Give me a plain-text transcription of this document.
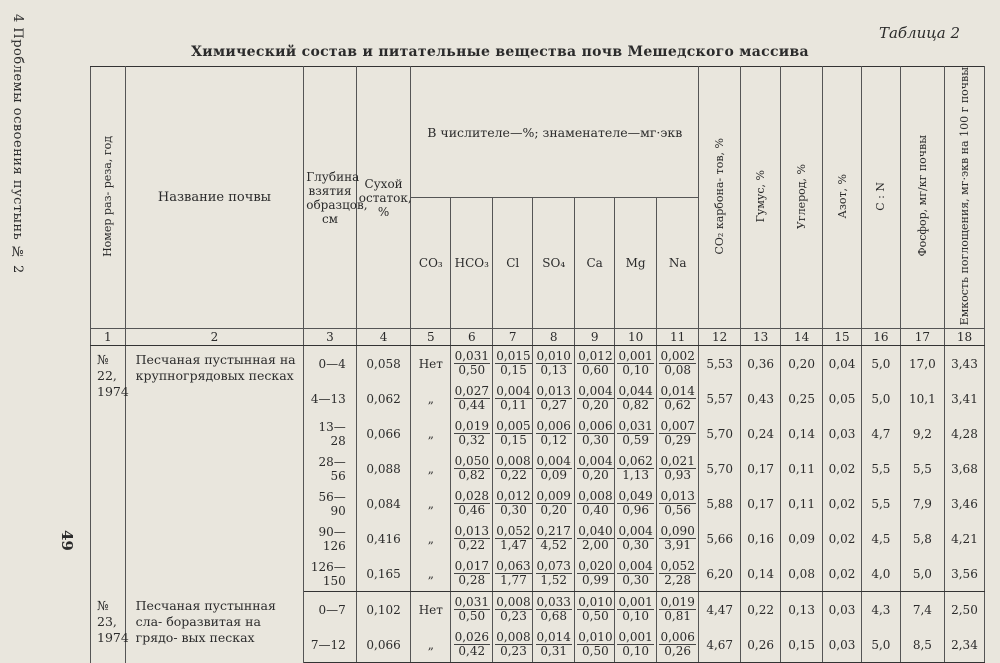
4 Проблемы освоения пустынь № 2
49
Таблица 2
Химический состав и питательные вещества почв Мешедского массива
Номер раз- реза, год	Название почвы	Глубина взятия образцов, см	Сухой остаток, %	В числителе—%; знаменателе—мг·экв							CO₂ карбона- тов, %	Гумус, %	Углерод, %	Азот, %	C : N	Фосфор, мг/кг почвы	Емкость поглощения, мг·экв на 100 г почвы
				CO₃	HCO₃	Cl	SO₄	Ca	Mg	Na							
1	2	3	4	5	6	7	8	9	10	11	12	13	14	15	16	17	18
№ 22, 1974	Песчаная пустынная на крупногрядовых песках	0—4	0,058	Нет	$\frac{0,031}{0,50}$	$\frac{0,015}{0,15}$	$\frac{0,010}{0,13}$	$\frac{0,012}{0,60}$	$\frac{0,001}{0,10}$	$\frac{0,002}{0,08}$	5,53	0,36	0,20	0,04	5,0	17,0	3,43
		4—13	0,062	„	$\frac{0,027}{0,44}$	$\frac{0,004}{0,11}$	$\frac{0,013}{0,27}$	$\frac{0,004}{0,20}$	$\frac{0,044}{0,82}$	$\frac{0,014}{0,62}$	5,57	0,43	0,25	0,05	5,0	10,1	3,41
		13—28	0,066	„	$\frac{0,019}{0,32}$	$\frac{0,005}{0,15}$	$\frac{0,006}{0,12}$	$\frac{0,006}{0,30}$	$\frac{0,031}{0,59}$	$\frac{0,007}{0,29}$	5,70	0,24	0,14	0,03	4,7	9,2	4,28
		28—56	0,088	„	$\frac{0,050}{0,82}$	$\frac{0,008}{0,22}$	$\frac{0,004}{0,09}$	$\frac{0,004}{0,20}$	$\frac{0,062}{1,13}$	$\frac{0,021}{0,93}$	5,70	0,17	0,11	0,02	5,5	5,5	3,68
		56—90	0,084	„	$\frac{0,028}{0,46}$	$\frac{0,012}{0,30}$	$\frac{0,009}{0,20}$	$\frac{0,008}{0,40}$	$\frac{0,049}{0,96}$	$\frac{0,013}{0,56}$	5,88	0,17	0,11	0,02	5,5	7,9	3,46
		90—126	0,416	„	$\frac{0,013}{0,22}$	$\frac{0,052}{1,47}$	$\frac{0,217}{4,52}$	$\frac{0,040}{2,00}$	$\frac{0,004}{0,30}$	$\frac{0,090}{3,91}$	5,66	0,16	0,09	0,02	4,5	5,8	4,21
		126—150	0,165	„	$\frac{0,017}{0,28}$	$\frac{0,063}{1,77}$	$\frac{0,073}{1,52}$	$\frac{0,020}{0,99}$	$\frac{0,004}{0,30}$	$\frac{0,052}{2,28}$	6,20	0,14	0,08	0,02	4,0	5,0	3,56
№ 23, 1974	Песчаная пустынная сла- боразвитая на грядо- вых песках	0—7	0,102	Нет	$\frac{0,031}{0,50}$	$\frac{0,008}{0,23}$	$\frac{0,033}{0,68}$	$\frac{0,010}{0,50}$	$\frac{0,001}{0,10}$	$\frac{0,019}{0,81}$	4,47	0,22	0,13	0,03	4,3	7,4	2,50
		7—12	0,066	„	$\frac{0,026}{0,42}$	$\frac{0,008}{0,23}$	$\frac{0,014}{0,31}$	$\frac{0,010}{0,50}$	$\frac{0,001}{0,10}$	$\frac{0,006}{0,26}$	4,67	0,26	0,15	0,03	5,0	8,5	2,34
